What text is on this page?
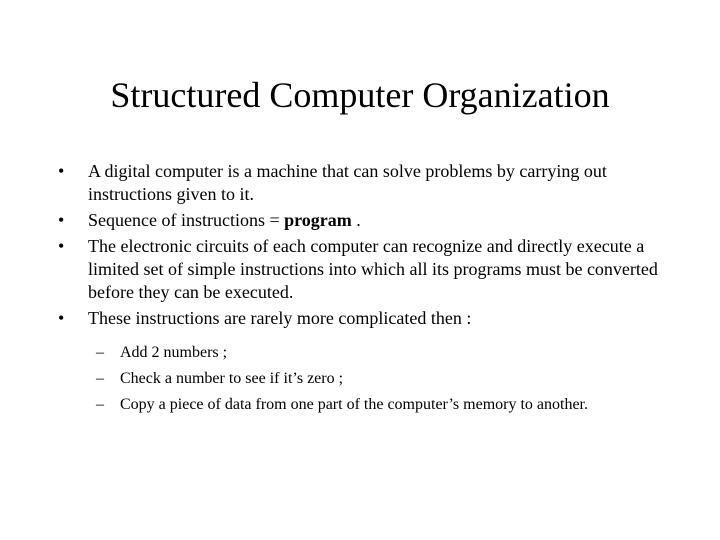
Structured Computer Organization
•	A digital computer is a machine that can solve problems by carrying out instructions given to it.
•	Sequence of instructions = program .
•	The electronic circuits of each computer can recognize and directly execute a limited set of simple instructions into which all its programs must be converted before they can be executed.
•	These instructions are rarely more complicated then :
– Add 2 numbers ;
– Check a number to see if it’s zero ;
– Copy a piece of data from one part of the computer’s memory to another.
